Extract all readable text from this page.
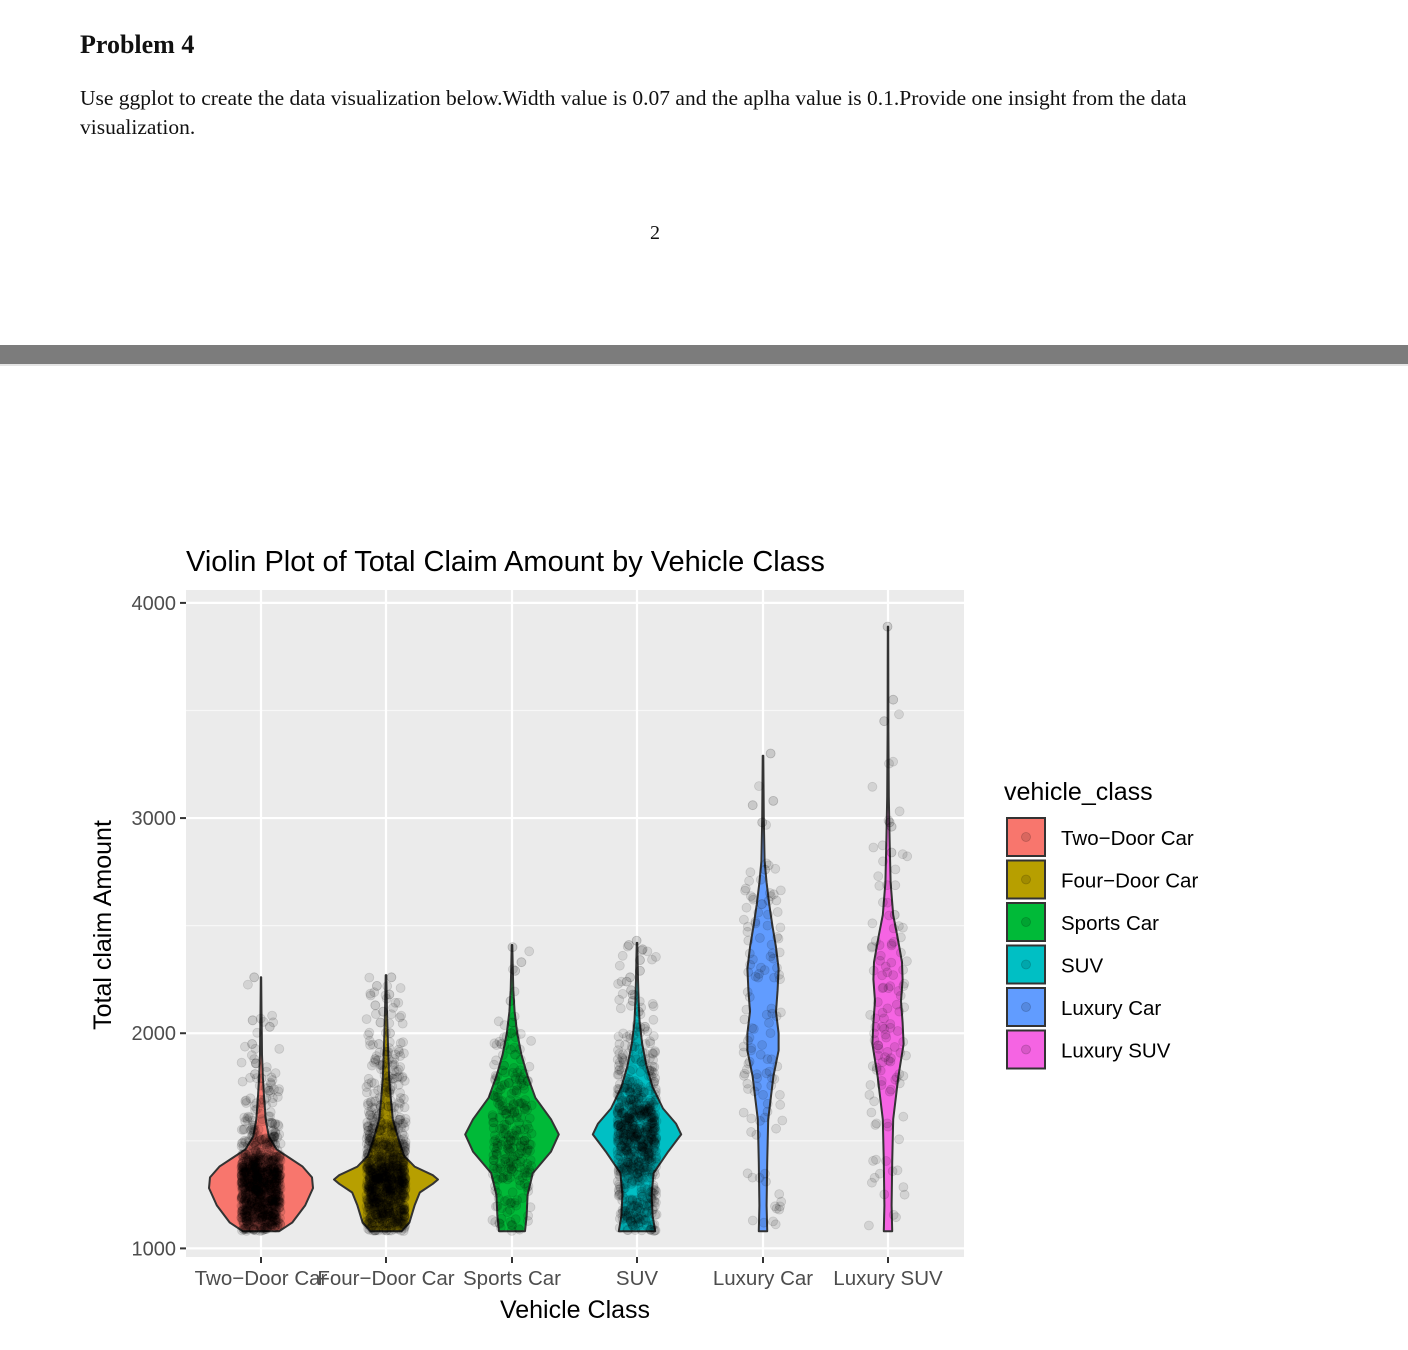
Problem 4
Use ggplot to create the data visualization below.Width value is 0.07 and the aplha value is 0.1.Provide one insight from the data visualization.
2
Violin Plot of Total Claim Amount by Vehicle Class
1000
2000
3000
4000
Two−Door Car
Four−Door Car Sports Car	SUV	Luxury Car Luxury SUV
Vehicle Class
Total claim Amount
vehicle_class
Two−Door Car
Four−Door Car
Sports Car
SUV
Luxury Car
Luxury SUV
